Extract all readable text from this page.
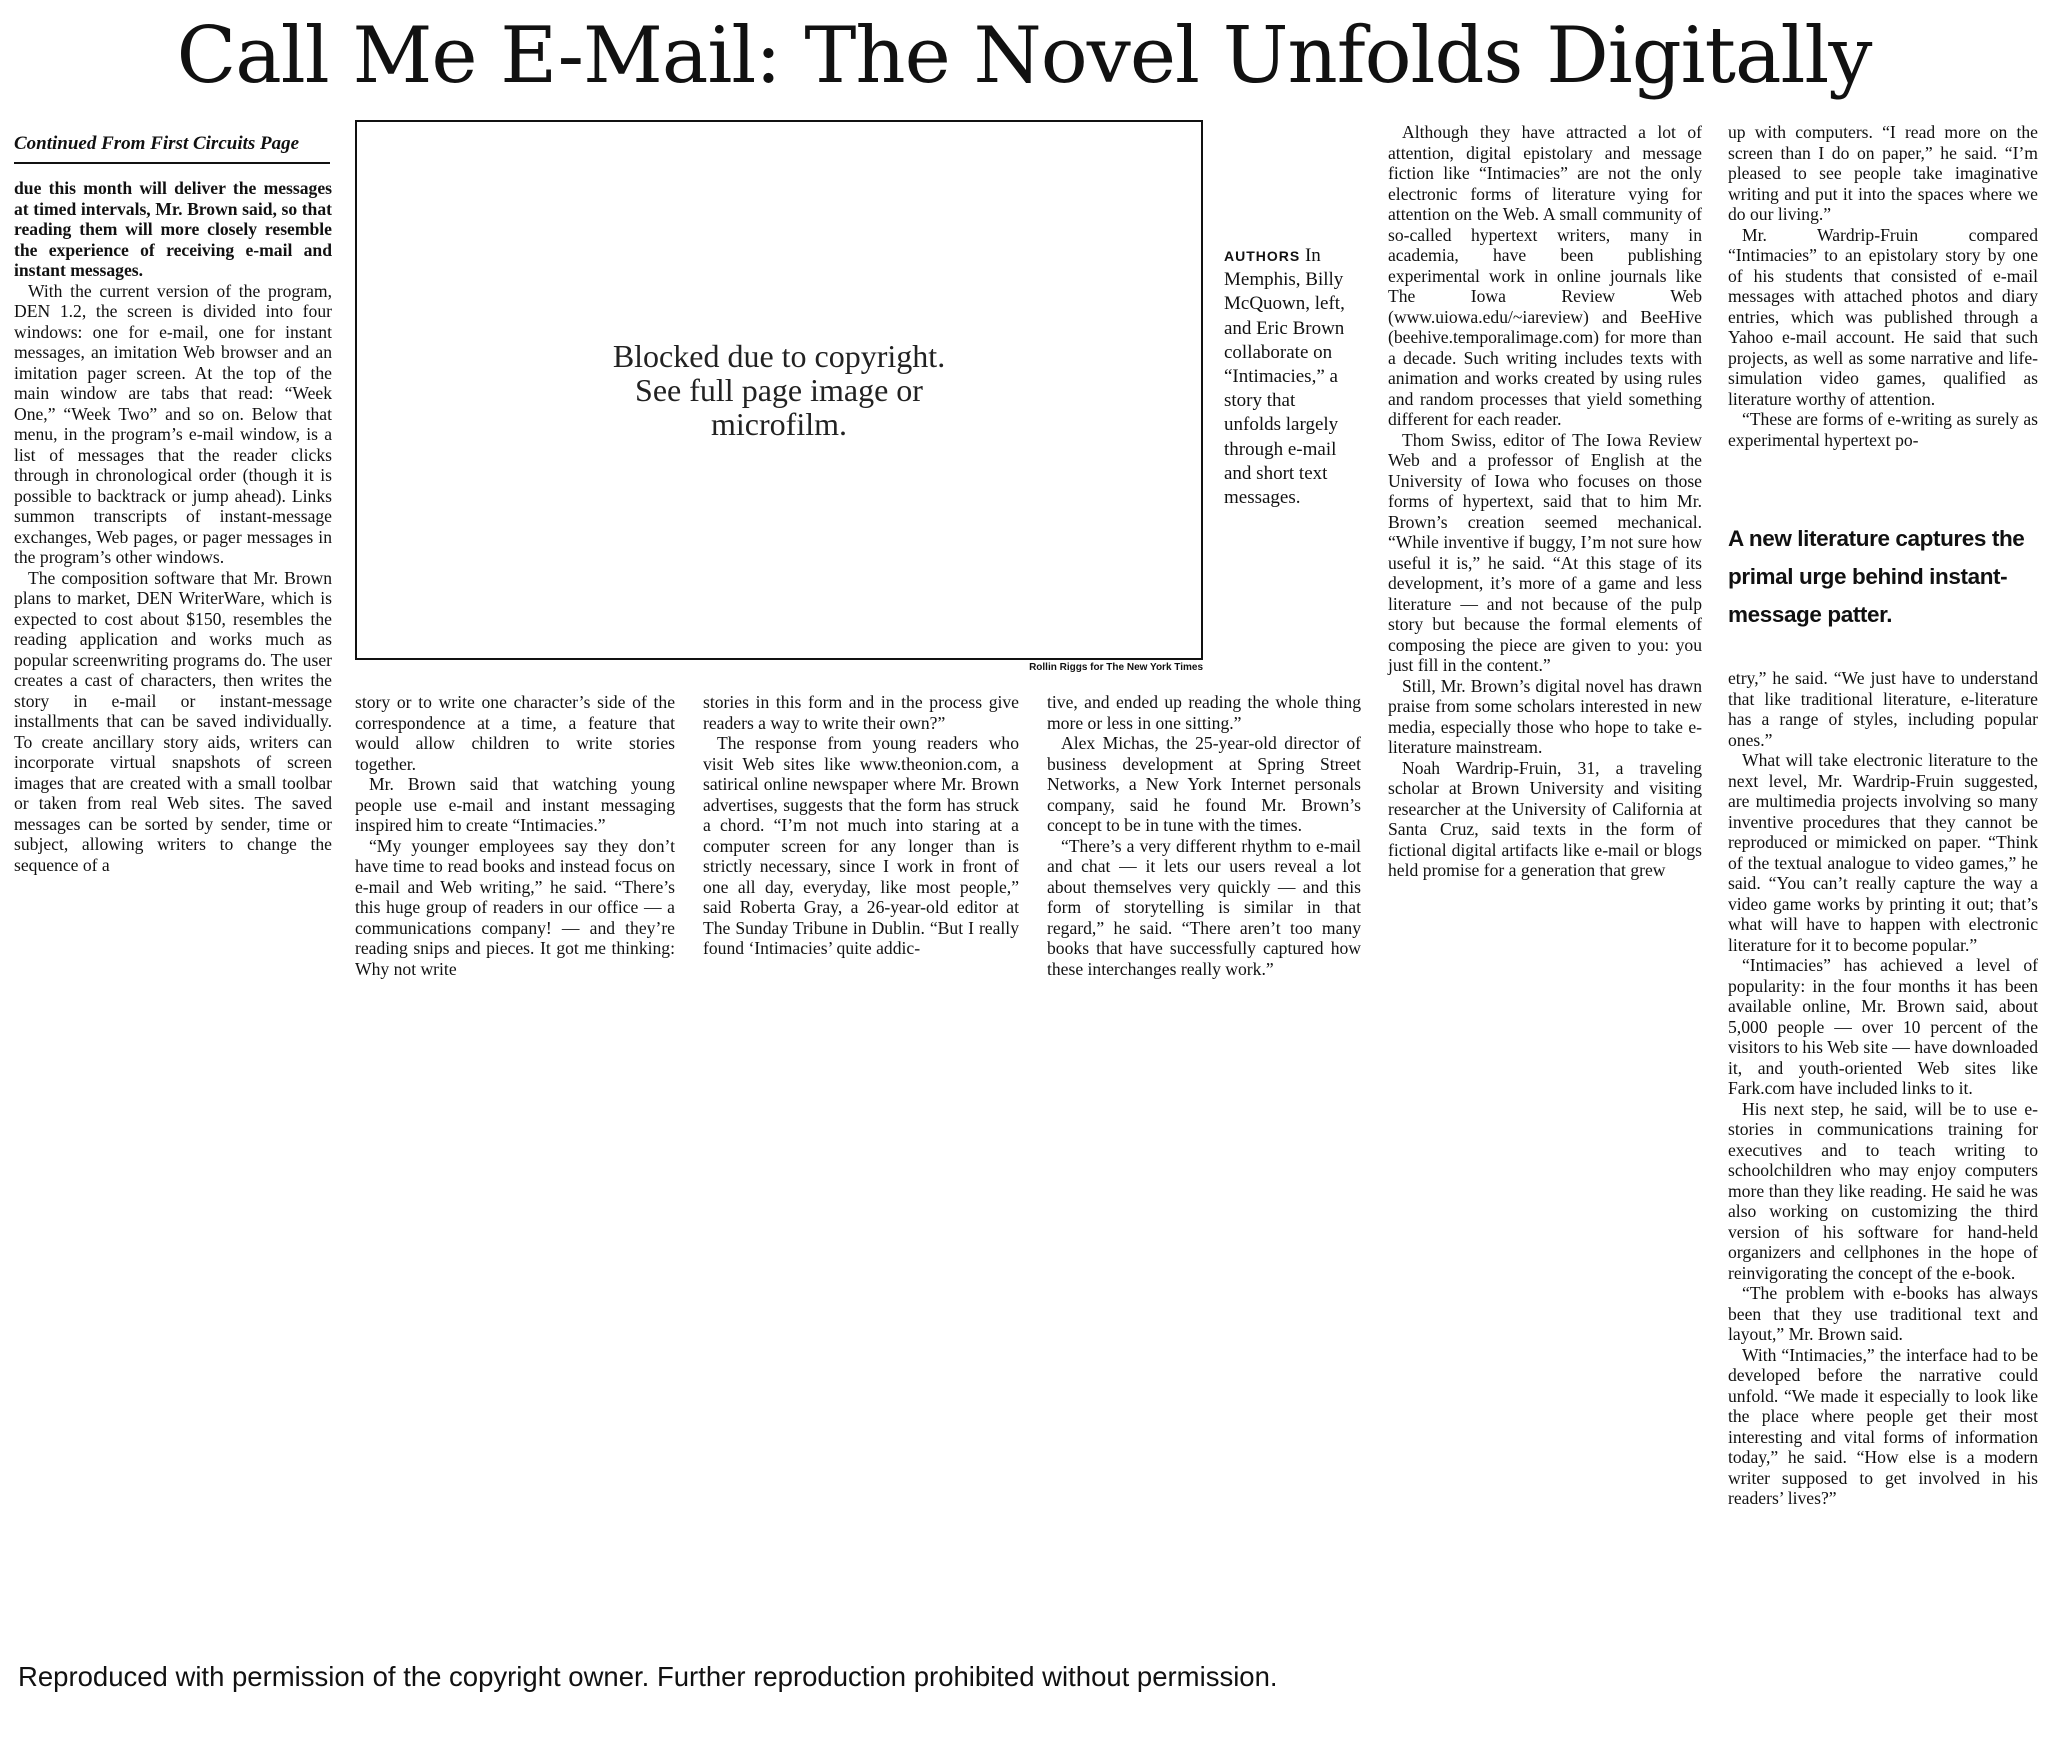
Call Me E-Mail: The Novel Unfolds Digitally
Continued From First Circuits Page

due this month will deliver the messages at timed intervals, Mr. Brown said, so that reading them will more closely resemble the experience of receiving e-mail and instant messages.

With the current version of the program, DEN 1.2, the screen is divided into four windows: one for e-mail, one for instant messages, an imitation Web browser and an imitation pager screen. At the top of the main window are tabs that read: “Week One,” “Week Two” and so on. Below that menu, in the program’s e-mail window, is a list of messages that the reader clicks through in chronological order (though it is possible to backtrack or jump ahead). Links summon transcripts of instant-message exchanges, Web pages, or pager messages in the program’s other windows.

The composition software that Mr. Brown plans to market, DEN WriterWare, which is expected to cost about $150, resembles the reading application and works much as popular screenwriting programs do. The user creates a cast of characters, then writes the story in e-mail or instant-message installments that can be saved individually. To create ancillary story aids, writers can incorporate virtual snapshots of screen images that are created with a small toolbar or taken from real Web sites. The saved messages can be sorted by sender, time or subject, allowing writers to change the sequence of a

Blocked due to copyright.
See full page image or
microfilm.
Rollin Riggs for The New York Times
AUTHORS In Memphis, Billy McQuown, left, and Eric Brown collaborate on “Intimacies,” a story that unfolds largely through e-mail and short text messages.

story or to write one character’s side of the correspondence at a time, a feature that would allow children to write stories together.

Mr. Brown said that watching young people use e-mail and instant messaging inspired him to create “Intimacies.”

“My younger employees say they don’t have time to read books and instead focus on e-mail and Web writing,” he said. “There’s this huge group of readers in our office — a communications company! — and they’re reading snips and pieces. It got me thinking: Why not write

stories in this form and in the process give readers a way to write their own?”

The response from young readers who visit Web sites like www.theonion.com, a satirical online newspaper where Mr. Brown advertises, suggests that the form has struck a chord. “I’m not much into staring at a computer screen for any longer than is strictly necessary, since I work in front of one all day, everyday, like most people,” said Roberta Gray, a 26-year-old editor at The Sunday Tribune in Dublin. “But I really found ‘Intimacies’ quite addic-

tive, and ended up reading the whole thing more or less in one sitting.”

Alex Michas, the 25-year-old director of business development at Spring Street Networks, a New York Internet personals company, said he found Mr. Brown’s concept to be in tune with the times.

“There’s a very different rhythm to e-mail and chat — it lets our users reveal a lot about themselves very quickly — and this form of storytelling is similar in that regard,” he said. “There aren’t too many books that have successfully captured how these interchanges really work.”

Although they have attracted a lot of attention, digital epistolary and message fiction like “Intimacies” are not the only electronic forms of literature vying for attention on the Web. A small community of so-called hypertext writers, many in academia, have been publishing experimental work in online journals like The Iowa Review Web (www.uiowa.edu/~iareview) and BeeHive (beehive.temporalimage.com) for more than a decade. Such writing includes texts with animation and works created by using rules and random processes that yield something different for each reader.

Thom Swiss, editor of The Iowa Review Web and a professor of English at the University of Iowa who focuses on those forms of hypertext, said that to him Mr. Brown’s creation seemed mechanical. “While inventive if buggy, I’m not sure how useful it is,” he said. “At this stage of its development, it’s more of a game and less literature — and not because of the pulp story but because the formal elements of composing the piece are given to you: you just fill in the content.”

Still, Mr. Brown’s digital novel has drawn praise from some scholars interested in new media, especially those who hope to take e-literature mainstream.

Noah Wardrip-Fruin, 31, a traveling scholar at Brown University and visiting researcher at the University of California at Santa Cruz, said texts in the form of fictional digital artifacts like e-mail or blogs held promise for a generation that grew

up with computers. “I read more on the screen than I do on paper,” he said. “I’m pleased to see people take imaginative writing and put it into the spaces where we do our living.”

Mr. Wardrip-Fruin compared “Intimacies” to an epistolary story by one of his students that consisted of e-mail messages with attached photos and diary entries, which was published through a Yahoo e-mail account. He said that such projects, as well as some narrative and life-simulation video games, qualified as literature worthy of attention.

“These are forms of e-writing as surely as experimental hypertext po-

A new literature captures the primal urge behind instant-message patter.

etry,” he said. “We just have to understand that like traditional literature, e-literature has a range of styles, including popular ones.”

What will take electronic literature to the next level, Mr. Wardrip-Fruin suggested, are multimedia projects involving so many inventive procedures that they cannot be reproduced or mimicked on paper. “Think of the textual analogue to video games,” he said. “You can’t really capture the way a video game works by printing it out; that’s what will have to happen with electronic literature for it to become popular.”

“Intimacies” has achieved a level of popularity: in the four months it has been available online, Mr. Brown said, about 5,000 people — over 10 percent of the visitors to his Web site — have downloaded it, and youth-oriented Web sites like Fark.com have included links to it.

His next step, he said, will be to use e-stories in communications training for executives and to teach writing to schoolchildren who may enjoy computers more than they like reading. He said he was also working on customizing the third version of his software for hand-held organizers and cellphones in the hope of reinvigorating the concept of the e-book.

“The problem with e-books has always been that they use traditional text and layout,” Mr. Brown said.

With “Intimacies,” the interface had to be developed before the narrative could unfold. “We made it especially to look like the place where people get their most interesting and vital forms of information today,” he said. “How else is a modern writer supposed to get involved in his readers’ lives?”

Reproduced with permission of the copyright owner. Further reproduction prohibited without permission.
